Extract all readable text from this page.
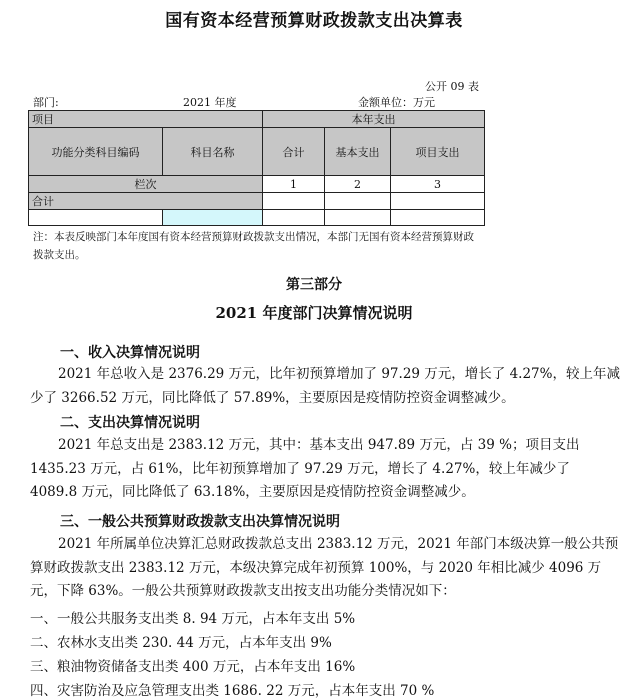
国有资本经营预算财政拨款支出决算表
公开 09 表
部门:	2021 年度	金额单位：万元
项目		本年支出		
功能分类科目编码	科目名称	合计	基本支出	项目支出
栏次		1	2	3
合计				

注：本表反映部门本年度国有资本经营预算财政拨款支出情况，本部门无国有资本经营预算财政拨款支出。
第三部分
2021 年度部门决算情况说明
一、收入决算情况说明
2021 年总收入是 2376.29 万元，比年初预算增加了 97.29 万元，增长了 4.27%，较上年减少了 3266.52 万元，同比降低了 57.89%，主要原因是疫情防控资金调整减少。
二、支出决算情况说明
2021 年总支出是 2383.12 万元，其中：基本支出 947.89 万元，占 39 %；项目支出 1435.23 万元，占 61%，比年初预算增加了 97.29 万元，增长了 4.27%，较上年减少了 4089.8 万元，同比降低了 63.18%，主要原因是疫情防控资金调整减少。
三、一般公共预算财政拨款支出决算情况说明
2021 年所属单位决算汇总财政拨款总支出 2383.12 万元，2021 年部门本级决算一般公共预算财政拨款支出 2383.12 万元，本级决算完成年初预算 100%，与 2020 年相比减少 4096 万元，下降 63%。一般公共预算财政拨款支出按支出功能分类情况如下：
一、一般公共服务支出类 8. 94 万元，占本年支出 5%
二、农林水支出类 230. 44 万元，占本年支出 9%
三、粮油物资储备支出类 400 万元，占本年支出 16%
四、灾害防治及应急管理支出类 1686. 22 万元，占本年支出 70 %
